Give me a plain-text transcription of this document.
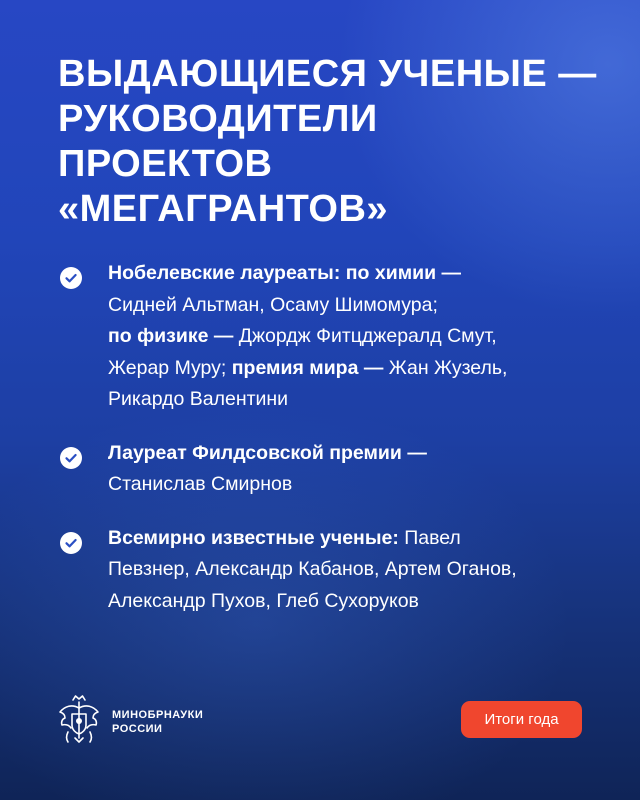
ВЫДАЮЩИЕСЯ УЧЕНЫЕ —
РУКОВОДИТЕЛИ
ПРОЕКТОВ
«МЕГАГРАНТОВ»
Нобелевские лауреаты: по химии —
Сидней Альтман, Осаму Шимомура;
по физике — Джордж Фитцджералд Смут,
Жерар Муру; премия мира — Жан Жузель,
Рикардо Валентини
Лауреат Филдсовской премии —
Станислав Смирнов
Всемирно известные ученые: Павел
Певзнер, Александр Кабанов, Артем Оганов,
Александр Пухов, Глеб Сухоруков
МИНОБРНАУКИ
РОССИИ
Итоги года
